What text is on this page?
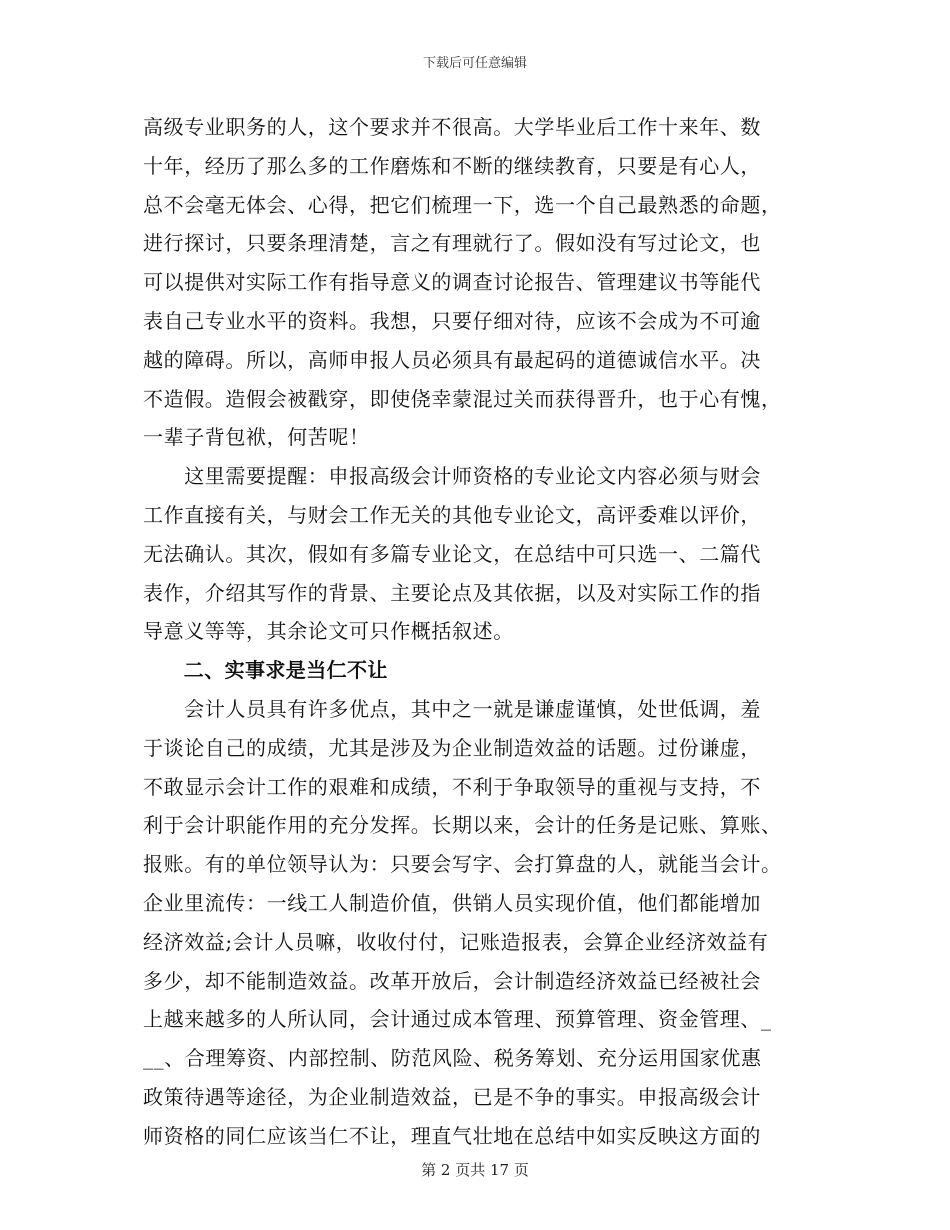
下载后可任意编辑
高级专业职务的人，这个要求并不很高。大学毕业后工作十来年、数
十年，经历了那么多的工作磨炼和不断的继续教育，只要是有心人，
总不会毫无体会、心得，把它们梳理一下，选一个自己最熟悉的命题，
进行探讨，只要条理清楚，言之有理就行了。假如没有写过论文，也
可以提供对实际工作有指导意义的调查讨论报告、管理建议书等能代
表自己专业水平的资料。我想，只要仔细对待，应该不会成为不可逾
越的障碍。所以，高师申报人员必须具有最起码的道德诚信水平。决
不造假。造假会被戳穿，即使侥幸蒙混过关而获得晋升，也于心有愧，
一辈子背包袱，何苦呢！
　　这里需要提醒：申报高级会计师资格的专业论文内容必须与财会
工作直接有关，与财会工作无关的其他专业论文，高评委难以评价，
无法确认。其次，假如有多篇专业论文，在总结中可只选一、二篇代
表作，介绍其写作的背景、主要论点及其依据，以及对实际工作的指
导意义等等，其余论文可只作概括叙述。
　　二、实事求是当仁不让
　　会计人员具有许多优点，其中之一就是谦虚谨慎，处世低调，羞
于谈论自己的成绩，尤其是涉及为企业制造效益的话题。过份谦虚，
不敢显示会计工作的艰难和成绩，不利于争取领导的重视与支持，不
利于会计职能作用的充分发挥。长期以来，会计的任务是记账、算账、
报账。有的单位领导认为：只要会写字、会打算盘的人，就能当会计。
企业里流传：一线工人制造价值，供销人员实现价值，他们都能增加
经济效益;会计人员嘛，收收付付，记账造报表，会算企业经济效益有
多少，却不能制造效益。改革开放后，会计制造经济效益已经被社会
上越来越多的人所认同，会计通过成本管理、预算管理、资金管理、_
__、合理筹资、内部控制、防范风险、税务筹划、充分运用国家优惠
政策待遇等途径，为企业制造效益，已是不争的事实。申报高级会计
师资格的同仁应该当仁不让，理直气壮地在总结中如实反映这方面的
第 2 页共 17 页
